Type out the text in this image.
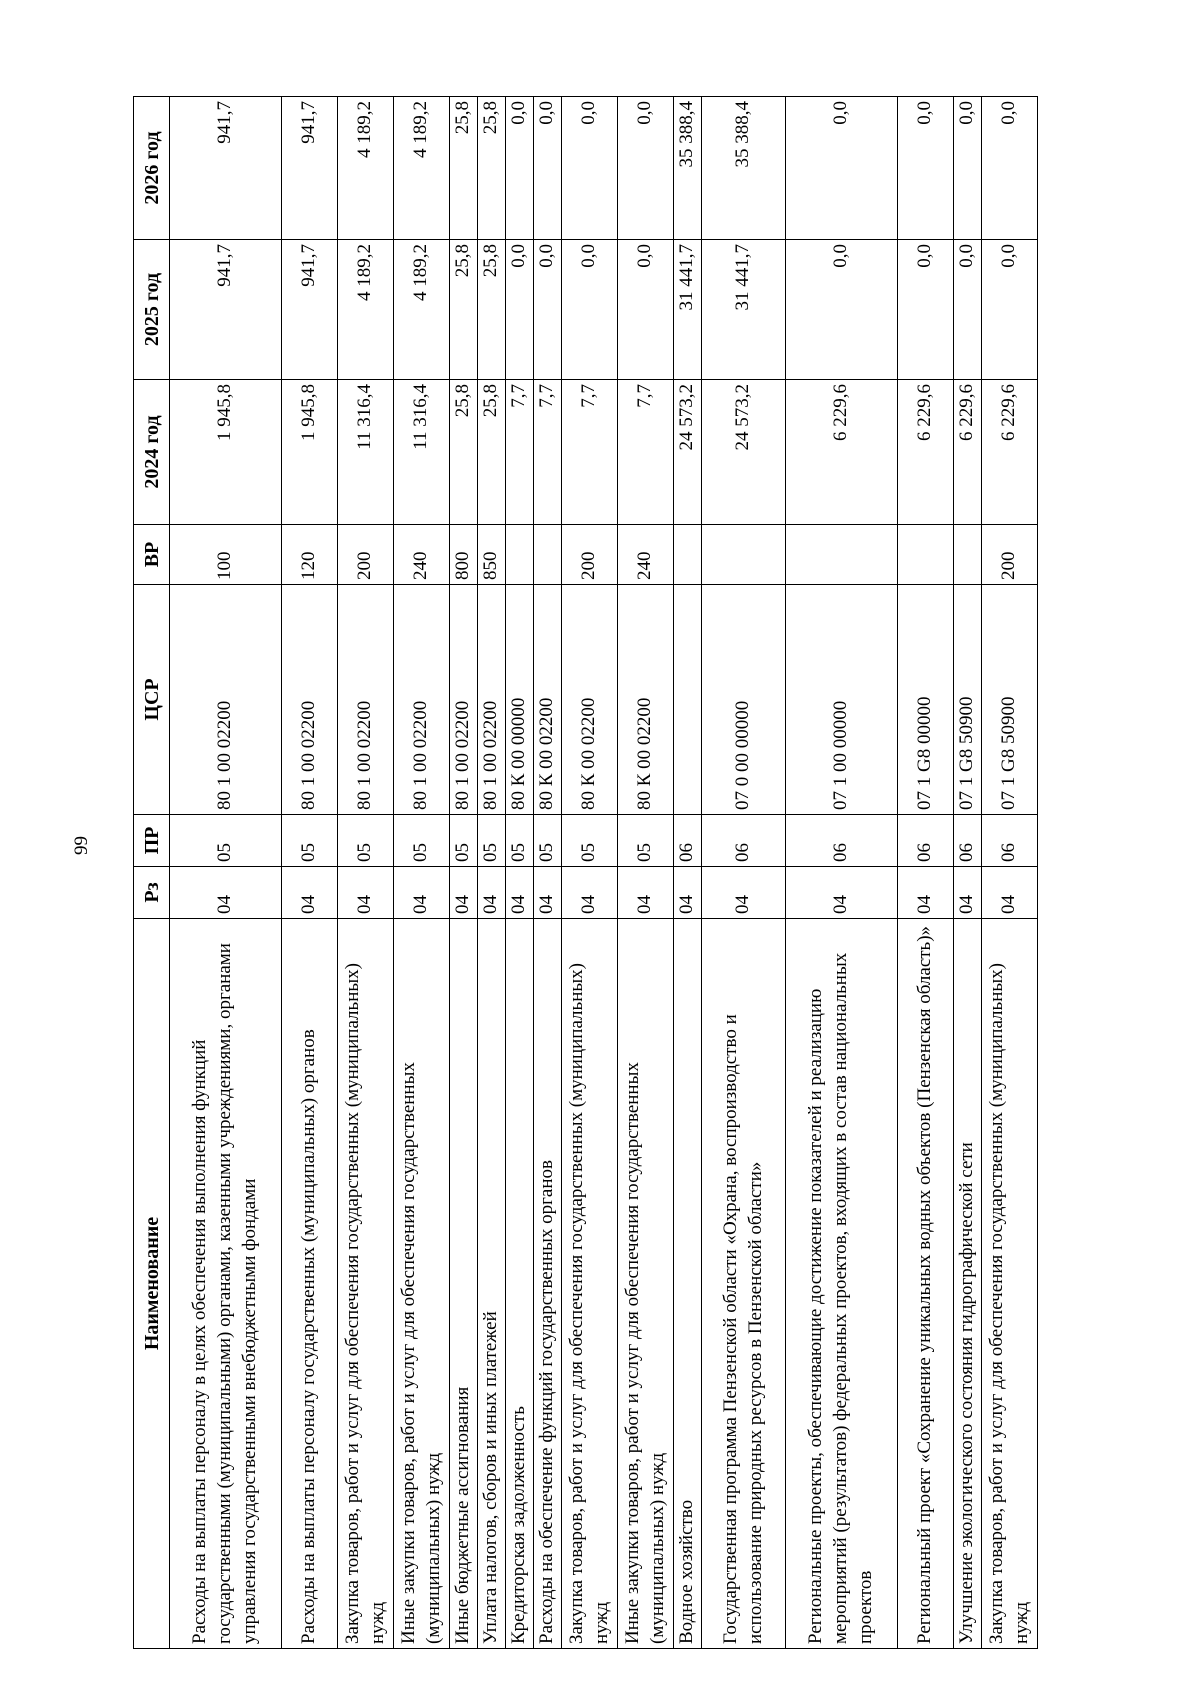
99
Наименование	Рз	ПР	ЦСР	ВР	2024 год	2025 год	2026 год
Расходы на выплаты персоналу в целях обеспечения выполнения функций государственными (муниципальными) органами, казенными учреждениями, органами управления государственными внебюджетными фондами	04	05	80 1 00 02200	100	1 945,8	941,7	941,7
Расходы на выплаты персоналу государственных (муниципальных) органов	04	05	80 1 00 02200	120	1 945,8	941,7	941,7
Закупка товаров, работ и услуг для обеспечения государственных (муниципальных) нужд	04	05	80 1 00 02200	200	11 316,4	4 189,2	4 189,2
Иные закупки товаров, работ и услуг для обеспечения государственных (муниципальных) нужд	04	05	80 1 00 02200	240	11 316,4	4 189,2	4 189,2
Иные бюджетные ассигнования	04	05	80 1 00 02200	800	25,8	25,8	25,8
Уплата налогов, сборов и иных платежей	04	05	80 1 00 02200	850	25,8	25,8	25,8
Кредиторская задолженность	04	05	80 К 00 00000		7,7	0,0	0,0
Расходы на обеспечение функций государственных органов	04	05	80 К 00 02200		7,7	0,0	0,0
Закупка товаров, работ и услуг для обеспечения государственных (муниципальных) нужд	04	05	80 К 00 02200	200	7,7	0,0	0,0
Иные закупки товаров, работ и услуг для обеспечения государственных (муниципальных) нужд	04	05	80 К 00 02200	240	7,7	0,0	0,0
Водное хозяйство	04	06			24 573,2	31 441,7	35 388,4
Государственная программа Пензенской области «Охрана, воспроизводство и использование природных ресурсов в Пензенской области»	04	06	07 0 00 00000		24 573,2	31 441,7	35 388,4
Региональные проекты, обеспечивающие достижение показателей и реализацию мероприятий (результатов) федеральных проектов, входящих в состав национальных проектов	04	06	07 1 00 00000		6 229,6	0,0	0,0
Региональный проект «Сохранение уникальных водных объектов (Пензенская область)»	04	06	07 1 G8 00000		6 229,6	0,0	0,0
Улучшение экологического состояния гидрографической сети	04	06	07 1 G8 50900		6 229,6	0,0	0,0
Закупка товаров, работ и услуг для обеспечения государственных (муниципальных) нужд	04	06	07 1 G8 50900	200	6 229,6	0,0	0,0
